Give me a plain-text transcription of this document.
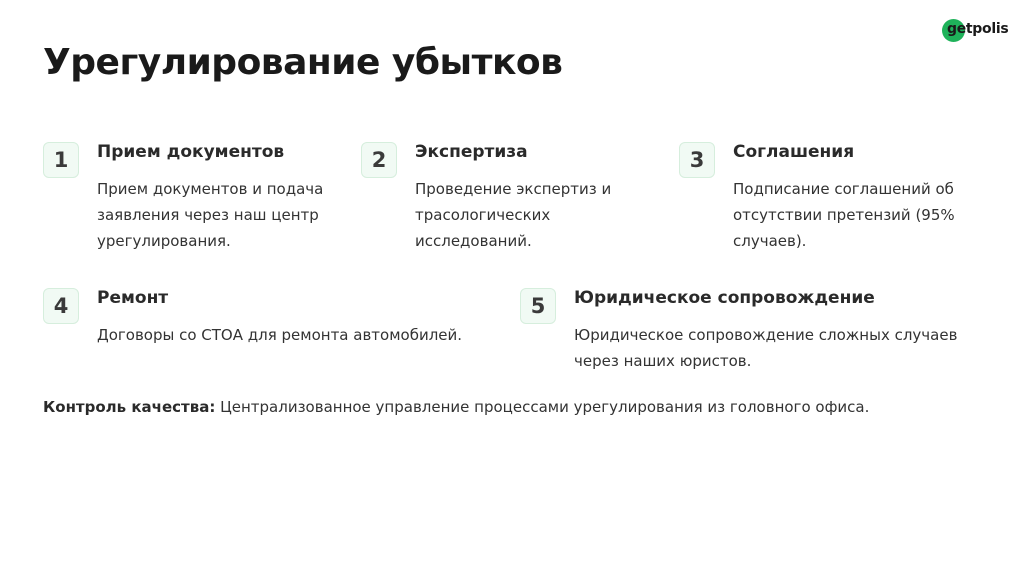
getpolis
Урегулирование убытков
1	Прием документов
Прием документов и подача заявления через наш центр урегулирования.
2	Экспертиза
Проведение экспертиз и трасологических исследований.
3	Соглашения
Подписание соглашений об отсутствии претензий (95% случаев).
4	Ремонт
Договоры со СТОА для ремонта автомобилей.
5	Юридическое сопровождение
Юридическое сопровождение сложных случаев через наших юристов.
Контроль качества: Централизованное управление процессами урегулирования из головного офиса.
